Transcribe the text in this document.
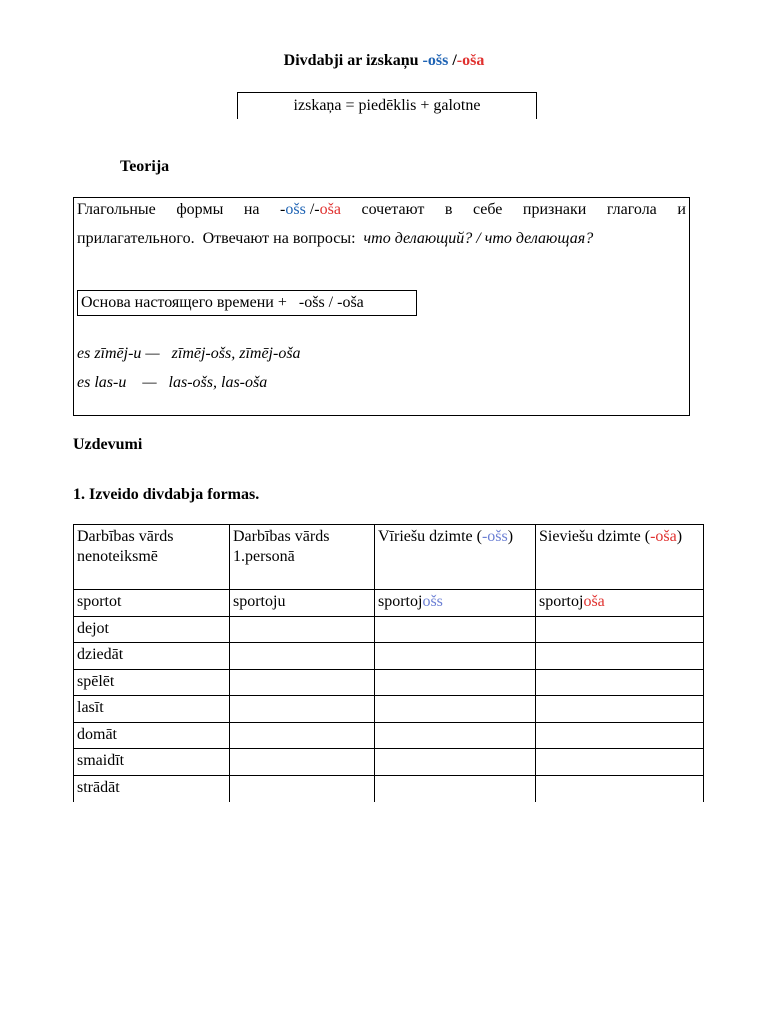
Divdabji ar izskaņu -ošs /-oša
izskaņa = piedēklis + galotne
Teorija
Глагольные формы на -ošs /-oša сочетают в себе признаки глагола и
прилагательного.  Отвечают на вопросы:  что делающий? / что делающая?
Основа настоящего времени +   -ošs / -oša
es zīmēj-u —   zīmēj-ošs, zīmēj-oša
es las-u    —   las-ošs, las-oša
Uzdevumi
1. Izveido divdabja formas.
Darbības vārds nenoteiksmē	Darbības vārds 1.personā	Vīriešu dzimte (-ošs)	Sieviešu dzimte (-oša)
sportot	sportoju	sportojošs	sportojoša
dejot			
dziedāt			
spēlēt			
lasīt			
domāt			
smaidīt			
strādāt			
